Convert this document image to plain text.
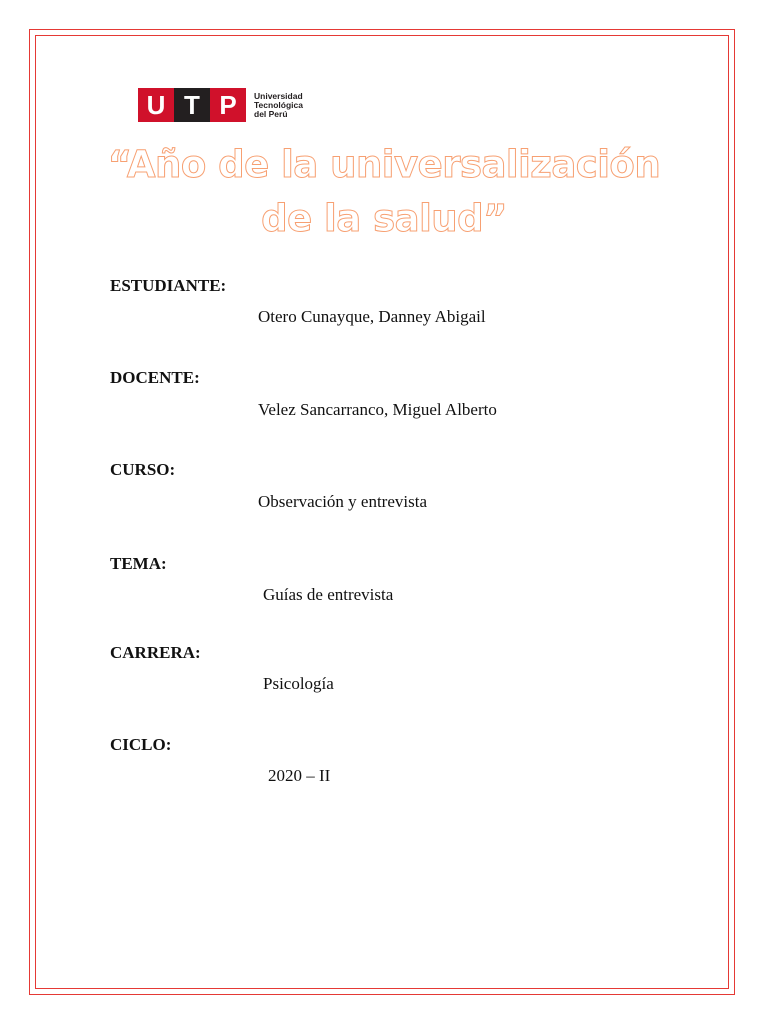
U T P	Universidad
Tecnológica
del Perú
“Año de la universalización
de la salud”
ESTUDIANTE:
Otero Cunayque, Danney Abigail
DOCENTE:
Velez Sancarranco, Miguel Alberto
CURSO:
Observación y entrevista
TEMA:
Guías de entrevista
CARRERA:
Psicología
CICLO:
2020 – II
